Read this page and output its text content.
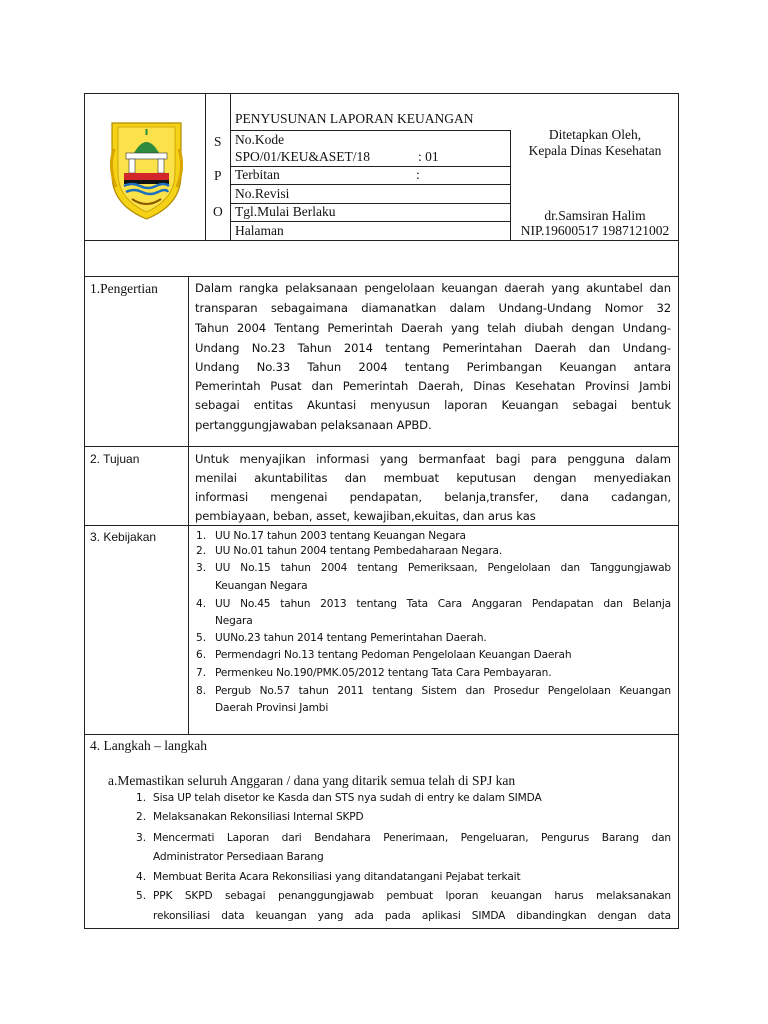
S
P
O
PENYUSUNAN LAPORAN KEUANGAN
No.Kode
SPO/01/KEU&ASET/18	: 01
Terbitan	:
No.Revisi
Tgl.Mulai Berlaku
Halaman
Ditetapkan Oleh,
Kepala Dinas Kesehatan
dr.Samsiran Halim
NIP.19600517 1987121002
1.Pengertian	Dalam rangka pelaksanaan pengelolaan keuangan daerah yang akuntabel dan
transparan sebagaimana diamanatkan dalam Undang-Undang Nomor 32
Tahun 2004 Tentang Pemerintah Daerah yang telah diubah dengan Undang-
Undang No.23 Tahun 2014 tentang Pemerintahan Daerah dan Undang-
Undang No.33 Tahun 2004 tentang Perimbangan Keuangan antara
Pemerintah Pusat dan Pemerintah Daerah, Dinas Kesehatan Provinsi Jambi
sebagai entitas Akuntasi menyusun laporan Keuangan sebagai bentuk
pertanggungjawaban pelaksanaan APBD.
2. Tujuan	Untuk menyajikan informasi yang bermanfaat bagi para pengguna dalam
menilai akuntabilitas dan membuat keputusan dengan menyediakan
informasi mengenai pendapatan, belanja,transfer, dana cadangan,
pembiayaan, beban, asset, kewajiban,ekuitas, dan arus kas
3. Kebijakan	1. UU No.17 tahun 2003 tentang Keuangan Negara
2. UU No.01 tahun 2004 tentang Pembedaharaan Negara.
3. UU No.15 tahun 2004 tentang Pemeriksaan, Pengelolaan dan Tanggungjawab
Keuangan Negara
4. UU No.45 tahun 2013 tentang Tata Cara Anggaran Pendapatan dan Belanja
Negara
5. UUNo.23 tahun 2014 tentang Pemerintahan Daerah.
6. Permendagri No.13 tentang Pedoman Pengelolaan Keuangan Daerah
7. Permenkeu No.190/PMK.05/2012 tentang Tata Cara Pembayaran.
8. Pergub No.57 tahun 2011 tentang Sistem dan Prosedur Pengelolaan Keuangan
Daerah Provinsi Jambi
4. Langkah – langkah
a.Memastikan seluruh Anggaran / dana yang ditarik semua telah di SPJ kan
1. Sisa UP telah disetor ke Kasda dan STS nya sudah di entry ke dalam SIMDA
2. Melaksanakan Rekonsiliasi Internal SKPD
3. Mencermati Laporan dari Bendahara Penerimaan, Pengeluaran, Pengurus Barang dan
Administrator Persediaan Barang
4. Membuat Berita Acara Rekonsiliasi yang ditandatangani Pejabat terkait
5. PPK SKPD sebagai penanggungjawab pembuat lporan keuangan harus melaksanakan
rekonsiliasi data keuangan yang ada pada aplikasi SIMDA dibandingkan dengan data
